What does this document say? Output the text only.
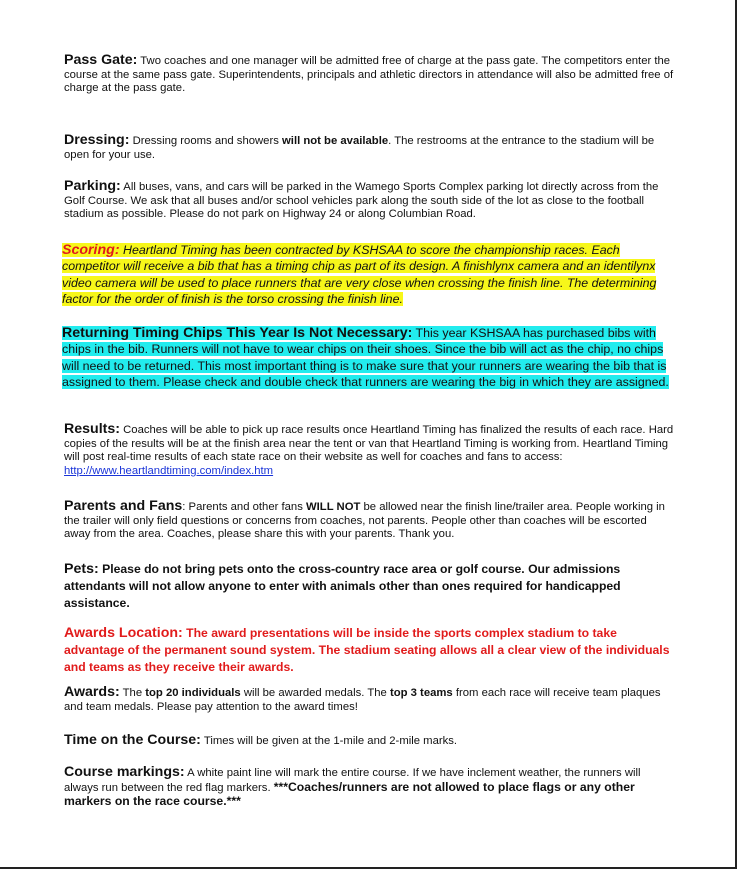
Pass Gate: Two coaches and one manager will be admitted free of charge at the pass gate. The competitors enter the course at the same pass gate. Superintendents, principals and athletic directors in attendance will also be admitted free of charge at the pass gate.
Dressing: Dressing rooms and showers will not be available. The restrooms at the entrance to the stadium will be open for your use.
Parking: All buses, vans, and cars will be parked in the Wamego Sports Complex parking lot directly across from the Golf Course. We ask that all buses and/or school vehicles park along the south side of the lot as close to the football stadium as possible. Please do not park on Highway 24 or along Columbian Road.
Scoring: Heartland Timing has been contracted by KSHSAA to score the championship races. Each competitor will receive a bib that has a timing chip as part of its design. A finishlynx camera and an identilynx video camera will be used to place runners that are very close when crossing the finish line. The determining factor for the order of finish is the torso crossing the finish line.
Returning Timing Chips This Year Is Not Necessary: This year KSHSAA has purchased bibs with chips in the bib. Runners will not have to wear chips on their shoes. Since the bib will act as the chip, no chips will need to be returned. This most important thing is to make sure that your runners are wearing the bib that is assigned to them. Please check and double check that runners are wearing the big in which they are assigned.
Results: Coaches will be able to pick up race results once Heartland Timing has finalized the results of each race. Hard copies of the results will be at the finish area near the tent or van that Heartland Timing is working from. Heartland Timing will post real-time results of each state race on their website as well for coaches and fans to access: http://www.heartlandtiming.com/index.htm
Parents and Fans: Parents and other fans WILL NOT be allowed near the finish line/trailer area. People working in the trailer will only field questions or concerns from coaches, not parents. People other than coaches will be escorted away from the area. Coaches, please share this with your parents. Thank you.
Pets: Please do not bring pets onto the cross-country race area or golf course. Our admissions attendants will not allow anyone to enter with animals other than ones required for handicapped assistance.
Awards Location: The award presentations will be inside the sports complex stadium to take advantage of the permanent sound system. The stadium seating allows all a clear view of the individuals and teams as they receive their awards.
Awards: The top 20 individuals will be awarded medals. The top 3 teams from each race will receive team plaques and team medals. Please pay attention to the award times!
Time on the Course: Times will be given at the 1-mile and 2-mile marks.
Course markings: A white paint line will mark the entire course. If we have inclement weather, the runners will always run between the red flag markers. ***Coaches/runners are not allowed to place flags or any other markers on the race course.***
